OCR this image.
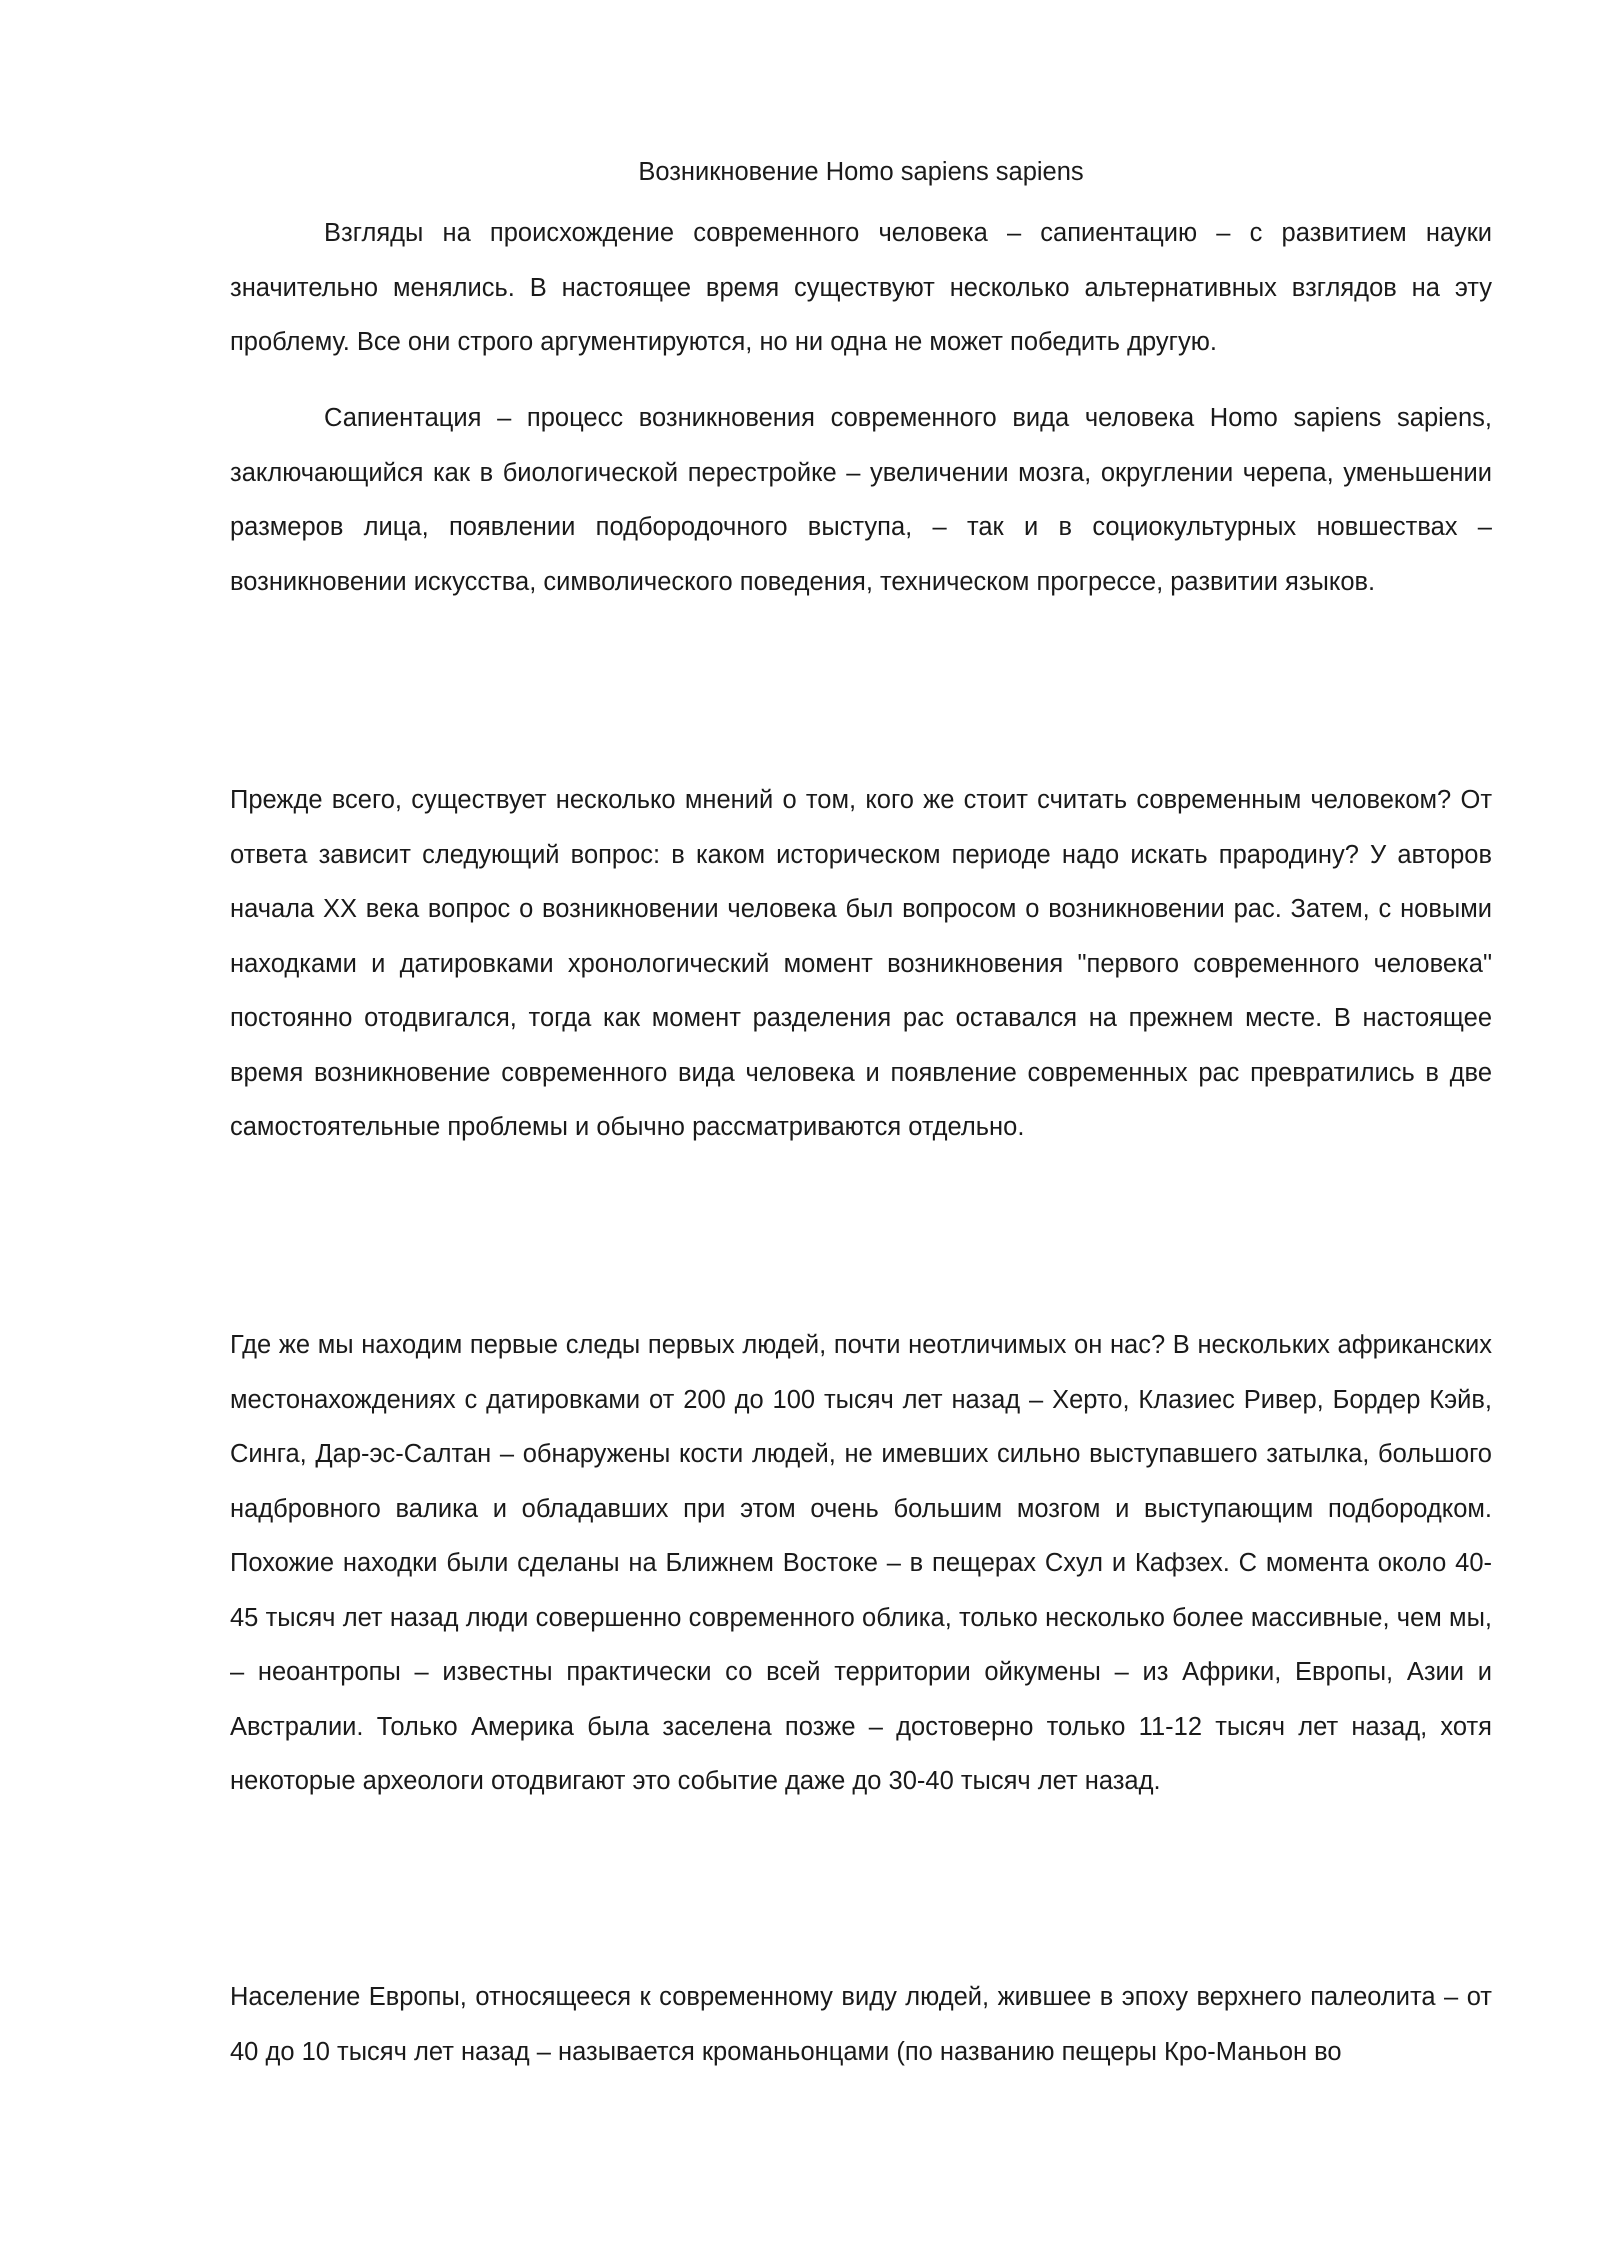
Возникновение Homo sapiens sapiens

Взгляды на происхождение современного человека – сапиентацию – с развитием науки значительно менялись. В настоящее время существуют несколько альтернативных взглядов на эту проблему. Все они строго аргументируются, но ни одна не может победить другую.

Сапиентация – процесс возникновения современного вида человека Homo sapiens sapiens, заключающийся как в биологической перестройке – увеличении мозга, округлении черепа, уменьшении размеров лица, появлении подбородочного выступа, – так и в социокультурных новшествах – возникновении искусства, символического поведения, техническом прогрессе, развитии языков.

Прежде всего, существует несколько мнений о том, кого же стоит считать современным человеком? От ответа зависит следующий вопрос: в каком историческом периоде надо искать прародину? У авторов начала XX века вопрос о возникновении человека был вопросом о возникновении рас. Затем, с новыми находками и датировками хронологический момент возникновения "первого современного человека" постоянно отодвигался, тогда как момент разделения рас оставался на прежнем месте. В настоящее время возникновение современного вида человека и появление современных рас превратились в две самостоятельные проблемы и обычно рассматриваются отдельно.

Где же мы находим первые следы первых людей, почти неотличимых он нас? В нескольких африканских местонахождениях с датировками от 200 до 100 тысяч лет назад – Херто, Клазиес Ривер, Бордер Кэйв, Синга, Дар-эс-Салтан – обнаружены кости людей, не имевших сильно выступавшего затылка, большого надбровного валика и обладавших при этом очень большим мозгом и выступающим подбородком. Похожие находки были сделаны на Ближнем Востоке – в пещерах Схул и Кафзех. С момента около 40-45 тысяч лет назад люди совершенно современного облика, только несколько более массивные, чем мы, – неоантропы – известны практически со всей территории ойкумены – из Африки, Европы, Азии и Австралии. Только Америка была заселена позже – достоверно только 11-12 тысяч лет назад, хотя некоторые археологи отодвигают это событие даже до 30-40 тысяч лет назад.

Население Европы, относящееся к современному виду людей, жившее в эпоху верхнего палеолита – от 40 до 10 тысяч лет назад – называется кроманьонцами (по названию пещеры Кро-Маньон во
